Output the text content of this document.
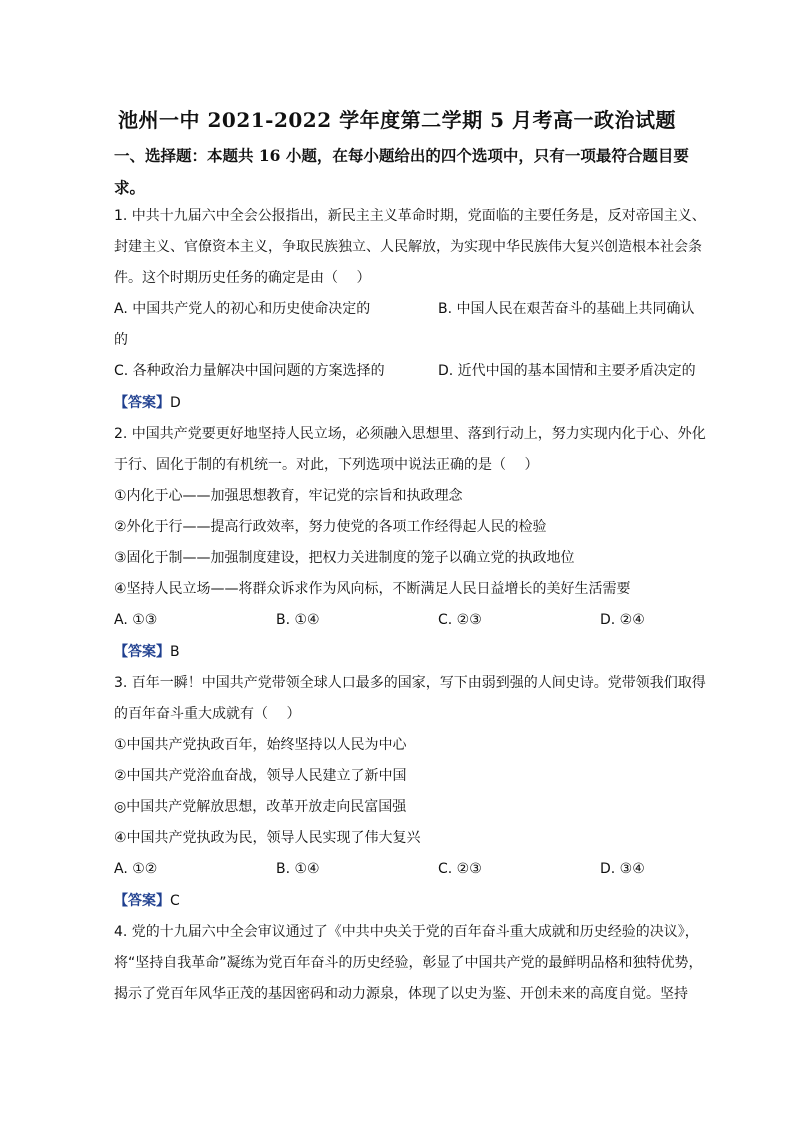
池州一中 2021-2022 学年度第二学期 5 月考高一政治试题
一、选择题：本题共 16 小题，在每小题给出的四个选项中，只有一项最符合题目要
求。
1. 中共十九届六中全会公报指出，新民主主义革命时期，党面临的主要任务是，反对帝国主义、
封建主义、官僚资本主义，争取民族独立、人民解放，为实现中华民族伟大复兴创造根本社会条
件。这个时期历史任务的确定是由（　 ）
A. 中国共产党人的初心和历史使命决定的	B. 中国人民在艰苦奋斗的基础上共同确认
的
C. 各种政治力量解决中国问题的方案选择的	D. 近代中国的基本国情和主要矛盾决定的
【答案】D
2. 中国共产党要更好地坚持人民立场，必须融入思想里、落到行动上，努力实现内化于心、外化
于行、固化于制的有机统一。对此，下列选项中说法正确的是（　 ）
①内化于心——加强思想教育，牢记党的宗旨和执政理念
②外化于行——提高行政效率，努力使党的各项工作经得起人民的检验
③固化于制——加强制度建设，把权力关进制度的笼子以确立党的执政地位
④坚持人民立场——将群众诉求作为风向标，不断满足人民日益增长的美好生活需要
A. ①③	B. ①④	C. ②③	D. ②④
【答案】B
3. 百年一瞬！中国共产党带领全球人口最多的国家，写下由弱到强的人间史诗。党带领我们取得
的百年奋斗重大成就有（　 ）
①中国共产党执政百年，始终坚持以人民为中心
②中国共产党浴血奋战，领导人民建立了新中国
◎中国共产党解放思想，改革开放走向民富国强
④中国共产党执政为民，领导人民实现了伟大复兴
A. ①②	B. ①④	C. ②③	D. ③④
【答案】C
4. 党的十九届六中全会审议通过了《中共中央关于党的百年奋斗重大成就和历史经验的决议》，
将“坚持自我革命”凝练为党百年奋斗的历史经验，彰显了中国共产党的最鲜明品格和独特优势，
揭示了党百年风华正茂的基因密码和动力源泉，体现了以史为鉴、开创未来的高度自觉。坚持
